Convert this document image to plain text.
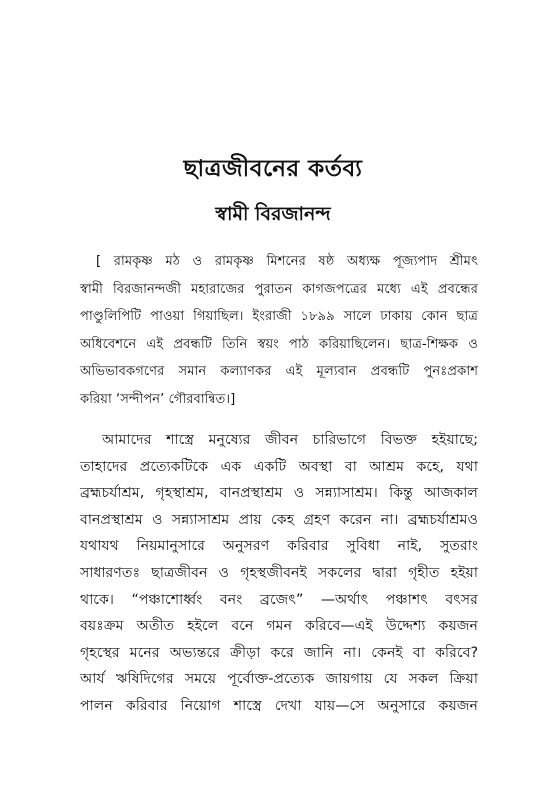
ছাত্রজীবনের কর্তব্য
স্বামী বিরজানন্দ
[ রামকৃষ্ণ মঠ ও রামকৃষ্ণ মিশনের ষষ্ঠ অধ্যক্ষ পূজ্যপাদ শ্রীমৎ
স্বামী বিরজানন্দজী মহারাজের পুরাতন কাগজপত্রের মধ্যে এই প্রবন্ধের
পাণ্ডুলিপিটি পাওয়া গিয়াছিল। ইংরাজী ১৮৯৯ সালে ঢাকায় কোন ছাত্র
অধিবেশনে এই প্রবন্ধটি তিনি স্বয়ং পাঠ করিয়াছিলেন। ছাত্র-শিক্ষক ও
অভিভাবকগণের সমান কল্যাণকর এই মূল্যবান প্রবন্ধটি পুনঃপ্রকাশ
করিয়া ‘সন্দীপন’ গৌরবান্বিত।]
আমাদের শাস্ত্রে মনুষ্যের জীবন চারিভাগে বিভক্ত হইয়াছে;
তাহাদের প্রত্যেকটিকে এক একটি অবস্থা বা আশ্রম কহে, যথা
ব্রহ্মচর্যাশ্রম, গৃহস্থাশ্রম, বানপ্রস্থাশ্রম ও সন্ন্যাসাশ্রম। কিন্তু আজকাল
বানপ্রস্থাশ্রম ও সন্ন্যাসাশ্রম প্রায় কেহ গ্রহণ করেন না। ব্রহ্মচর্যাশ্রমও
যথাযথ নিয়মানুসারে অনুসরণ করিবার সুবিধা নাই, সুতরাং
সাধারণতঃ ছাত্রজীবন ও গৃহস্থজীবনই সকলের দ্বারা গৃহীত হইয়া
থাকে। “পঞ্চাশোর্ধ্বং বনং ব্রজেৎ” —অর্থাৎ পঞ্চাশৎ বৎসর
বয়ঃক্রম অতীত হইলে বনে গমন করিবে—এই উদ্দেশ্য কয়জন
গৃহস্থের মনের অভ্যন্তরে ক্রীড়া করে জানি না। কেনই বা করিবে?
আর্য ঋষিদিগের সময়ে পূর্বোক্ত-প্রত্যেক জায়গায় যে সকল ক্রিয়া
পালন করিবার নিয়োগ শাস্ত্রে দেখা যায়—সে অনুসারে কয়জন
